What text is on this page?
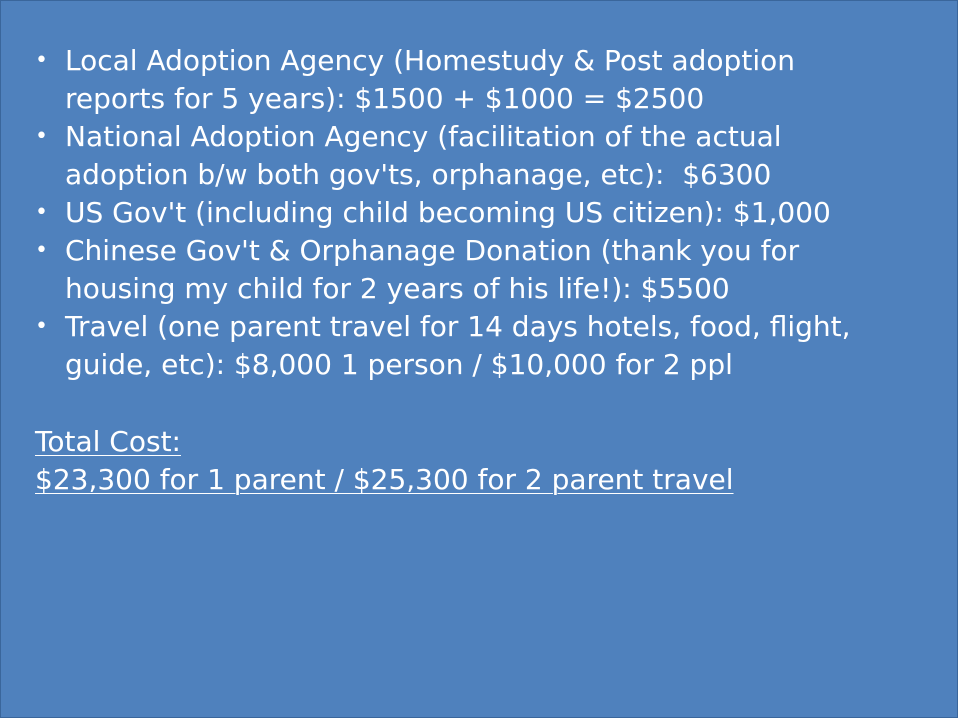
• Local Adoption Agency (Homestudy & Post adoption reports for 5 years): $1500 + $1000 = $2500
• National Adoption Agency (facilitation of the actual adoption b/w both gov'ts, orphanage, etc):  $6300
• US Gov't (including child becoming US citizen): $1,000
• Chinese Gov't & Orphanage Donation (thank you for housing my child for 2 years of his life!): $5500
• Travel (one parent travel for 14 days hotels, food, flight, guide, etc): $8,000 1 person / $10,000 for 2 ppl
Total Cost:
$23,300 for 1 parent / $25,300 for 2 parent travel
